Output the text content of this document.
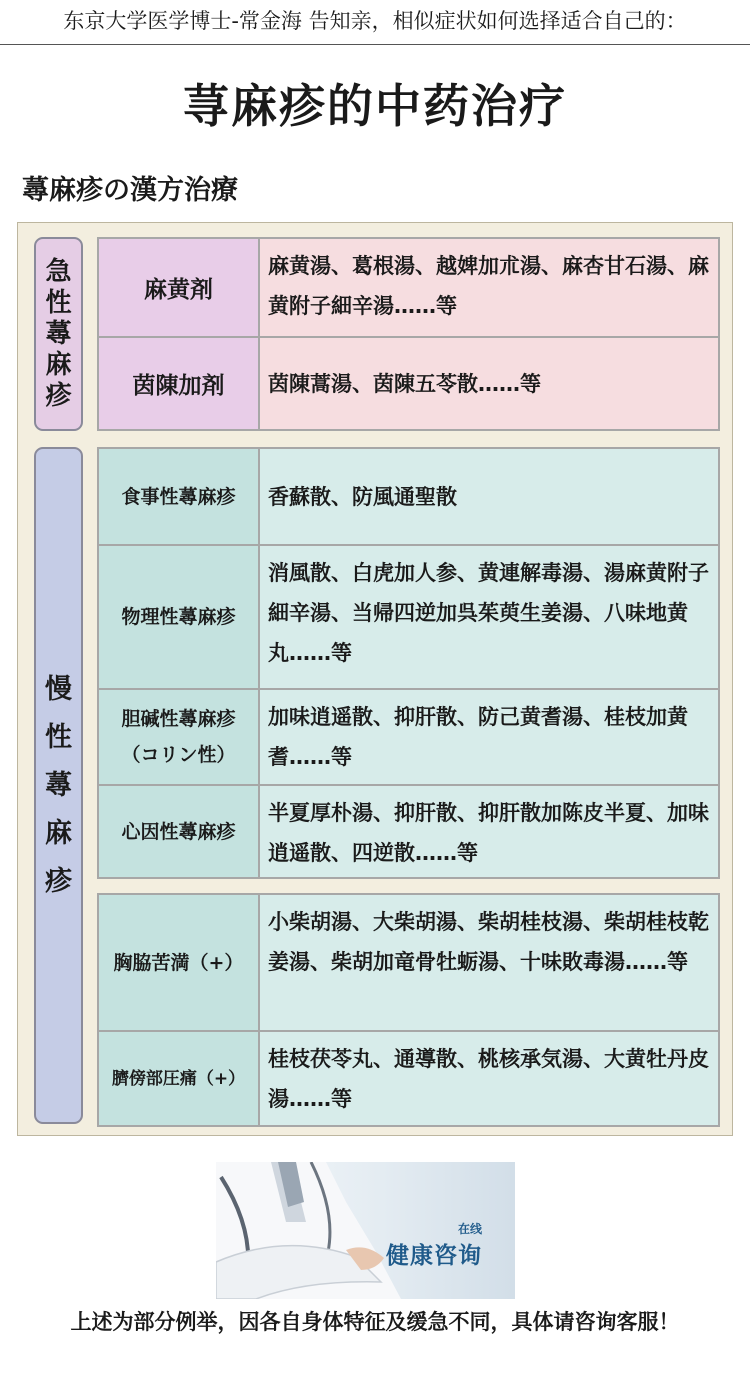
东京大学医学博士-常金海 告知亲，相似症状如何选择适合自己的：
荨麻疹的中药治疗
蕁麻疹の漢方治療
急性蕁麻疹
麻黄剤
麻黄湯、葛根湯、越婢加朮湯、麻杏甘石湯、麻黄附子細辛湯……等
茵陳加剤	茵陳蒿湯、茵陳五苓散……等
慢性蕁麻疹
食事性蕁麻疹	香蘇散、防風通聖散
物理性蕁麻疹
消風散、白虎加人参、黄連解毒湯、湯麻黄附子細辛湯、当帰四逆加呉茱萸生姜湯、八味地黄丸……等
胆碱性蕁麻疹（コリン性）
加味逍遥散、抑肝散、防己黄耆湯、桂枝加黄耆……等
心因性蕁麻疹
半夏厚朴湯、抑肝散、抑肝散加陈皮半夏、加味逍遥散、四逆散……等
胸脇苦満（+）
小柴胡湯、大柴胡湯、柴胡桂枝湯、柴胡桂枝乾姜湯、柴胡加竜骨牡蛎湯、十味敗毒湯……等
臍傍部圧痛（+）
桂枝茯苓丸、通導散、桃核承気湯、大黄牡丹皮湯……等
在线
健康咨询
上述为部分例举，因各自身体特征及缓急不同，具体请咨询客服！
